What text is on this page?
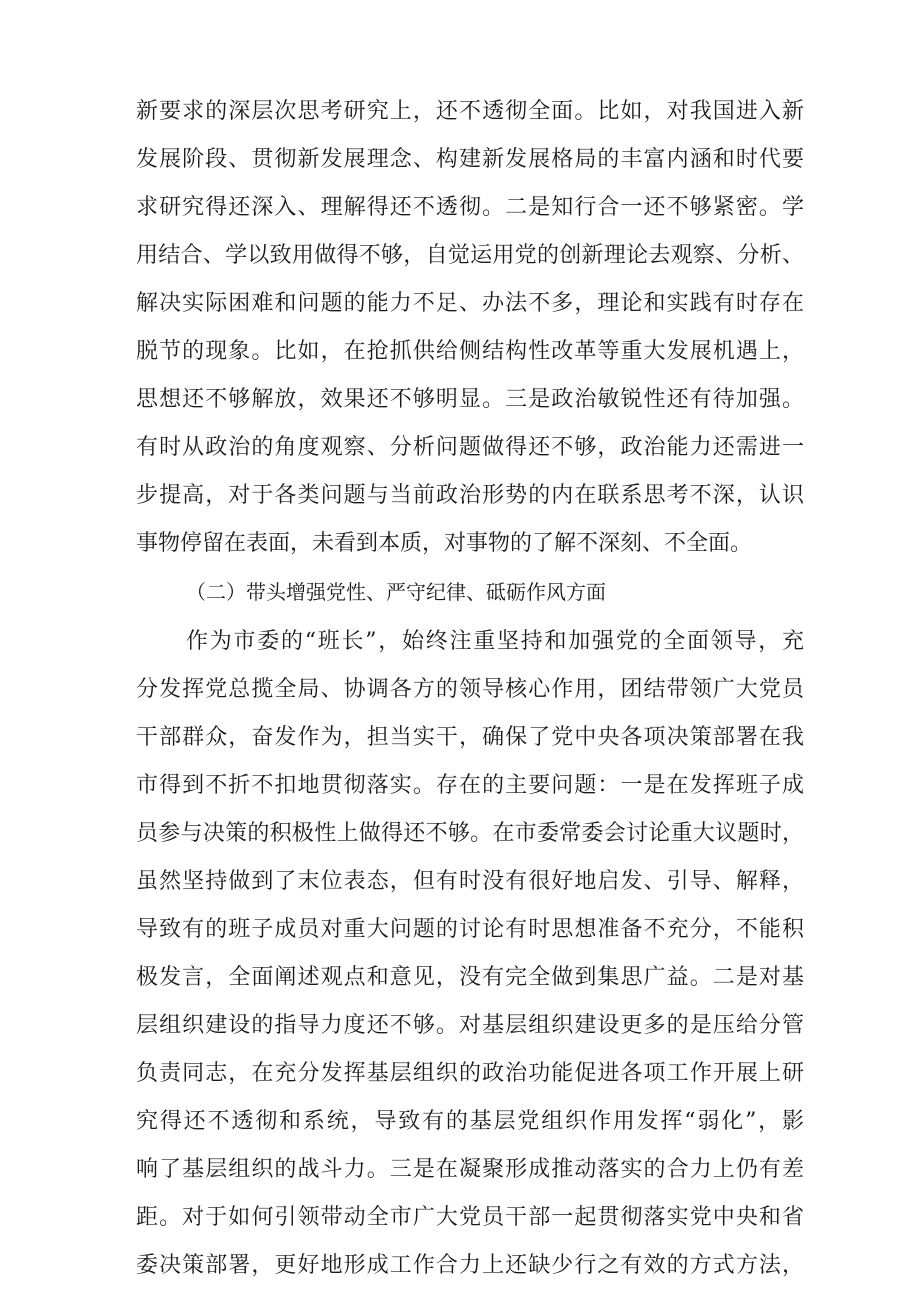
新要求的深层次思考研究上，还不透彻全面。比如，对我国进入新
发展阶段、贯彻新发展理念、构建新发展格局的丰富内涵和时代要
求研究得还深入、理解得还不透彻。二是知行合一还不够紧密。学
用结合、学以致用做得不够，自觉运用党的创新理论去观察、分析、
解决实际困难和问题的能力不足、办法不多，理论和实践有时存在
脱节的现象。比如，在抢抓供给侧结构性改革等重大发展机遇上，
思想还不够解放，效果还不够明显。三是政治敏锐性还有待加强。
有时从政治的角度观察、分析问题做得还不够，政治能力还需进一
步提高，对于各类问题与当前政治形势的内在联系思考不深，认识
事物停留在表面，未看到本质，对事物的了解不深刻、不全面。
（二）带头增强党性、严守纪律、砥砺作风方面
作为市委的“班长”，始终注重坚持和加强党的全面领导，充
分发挥党总揽全局、协调各方的领导核心作用，团结带领广大党员
干部群众，奋发作为，担当实干，确保了党中央各项决策部署在我
市得到不折不扣地贯彻落实。存在的主要问题：一是在发挥班子成
员参与决策的积极性上做得还不够。在市委常委会讨论重大议题时，
虽然坚持做到了末位表态，但有时没有很好地启发、引导、解释，
导致有的班子成员对重大问题的讨论有时思想准备不充分，不能积
极发言，全面阐述观点和意见，没有完全做到集思广益。二是对基
层组织建设的指导力度还不够。对基层组织建设更多的是压给分管
负责同志，在充分发挥基层组织的政治功能促进各项工作开展上研
究得还不透彻和系统，导致有的基层党组织作用发挥“弱化”，影
响了基层组织的战斗力。三是在凝聚形成推动落实的合力上仍有差
距。对于如何引领带动全市广大党员干部一起贯彻落实党中央和省
委决策部署，更好地形成工作合力上还缺少行之有效的方式方法，
